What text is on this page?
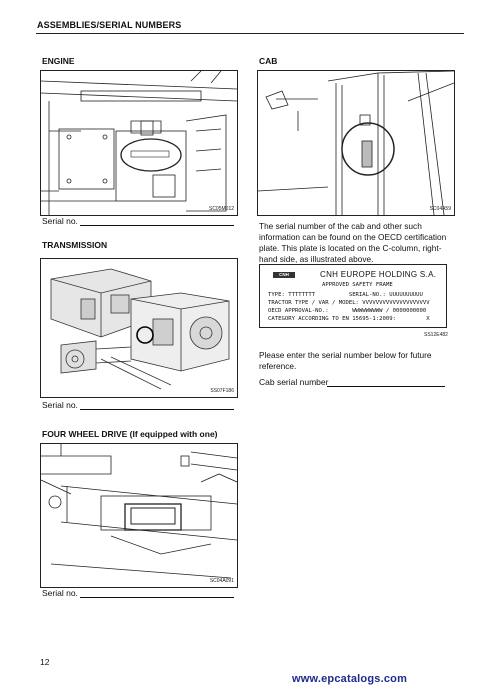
ASSEMBLIES/SERIAL NUMBERS
ENGINE
SC05M012
Serial no.
TRANSMISSION
SS07F186
Serial no.
FOUR WHEEL DRIVE (If equipped with one)
SC04A091
Serial no.
CAB
SC04A59
The serial number of the cab and other such information can be found on the OECD certification plate. This plate is located on the C-column, right-hand side, as illustrated above.
CNH	CNH EUROPE HOLDING S.A.
APPROVED SAFETY FRAME
TYPE: TTTTTTTT          SERIAL-NO.: UUUUUUUUUU
TRACTOR TYPE / VAR / MODEL: VVVVVVVVVVVVVVVVVVVV
OECD APPROVAL-NO.:       WWWWWWWWW / 0000000000
CATEGORY ACCORDING TO EN 15695-1:2009:         X
SS12E482
Please enter the serial number below for future reference.
Cab serial number
12
www.epcatalogs.com
